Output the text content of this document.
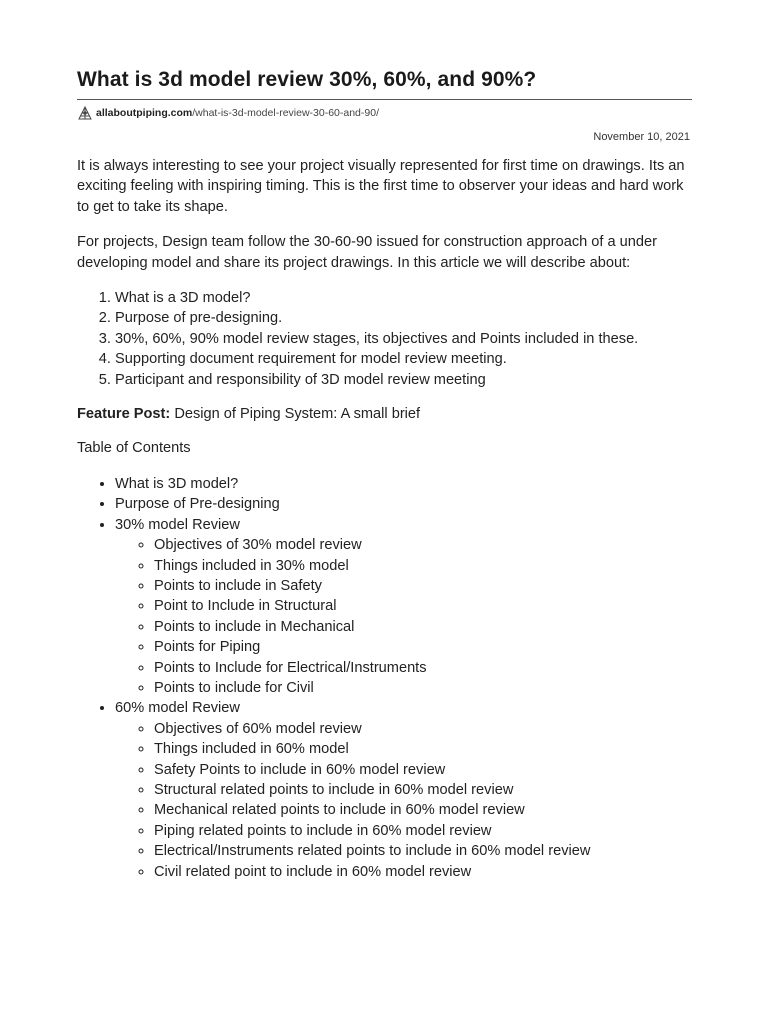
What is 3d model review 30%, 60%, and 90%?
allaboutpiping.com /what-is-3d-model-review-30-60-and-90/
November 10, 2021

It is always interesting to see your project visually represented for first time on drawings. Its an exciting feeling with inspiring timing. This is the first time to observer your ideas and hard work to get to take its shape.

For projects, Design team follow the 30-60-90 issued for construction approach of a under developing model and share its project drawings. In this article we will describe about:

1. What is a 3D model?
2. Purpose of pre-designing.
3. 30%, 60%, 90% model review stages, its objectives and Points included in these.
4. Supporting document requirement for model review meeting.
5. Participant and responsibility of 3D model review meeting

Feature Post: Design of Piping System: A small brief

Table of Contents

• What is 3D model?
• Purpose of Pre-designing
• 30% model Review
◦ Objectives of 30% model review
◦ Things included in 30% model
◦ Points to include in Safety
◦ Point to Include in Structural
◦ Points to include in Mechanical
◦ Points for Piping
◦ Points to Include for Electrical/Instruments
◦ Points to include for Civil
• 60% model Review
◦ Objectives of 60% model review
◦ Things included in 60% model
◦ Safety Points to include in 60% model review
◦ Structural related points to include in 60% model review
◦ Mechanical related points to include in 60% model review
◦ Piping related points to include in 60% model review
◦ Electrical/Instruments related points to include in 60% model review
◦ Civil related point to include in 60% model review
